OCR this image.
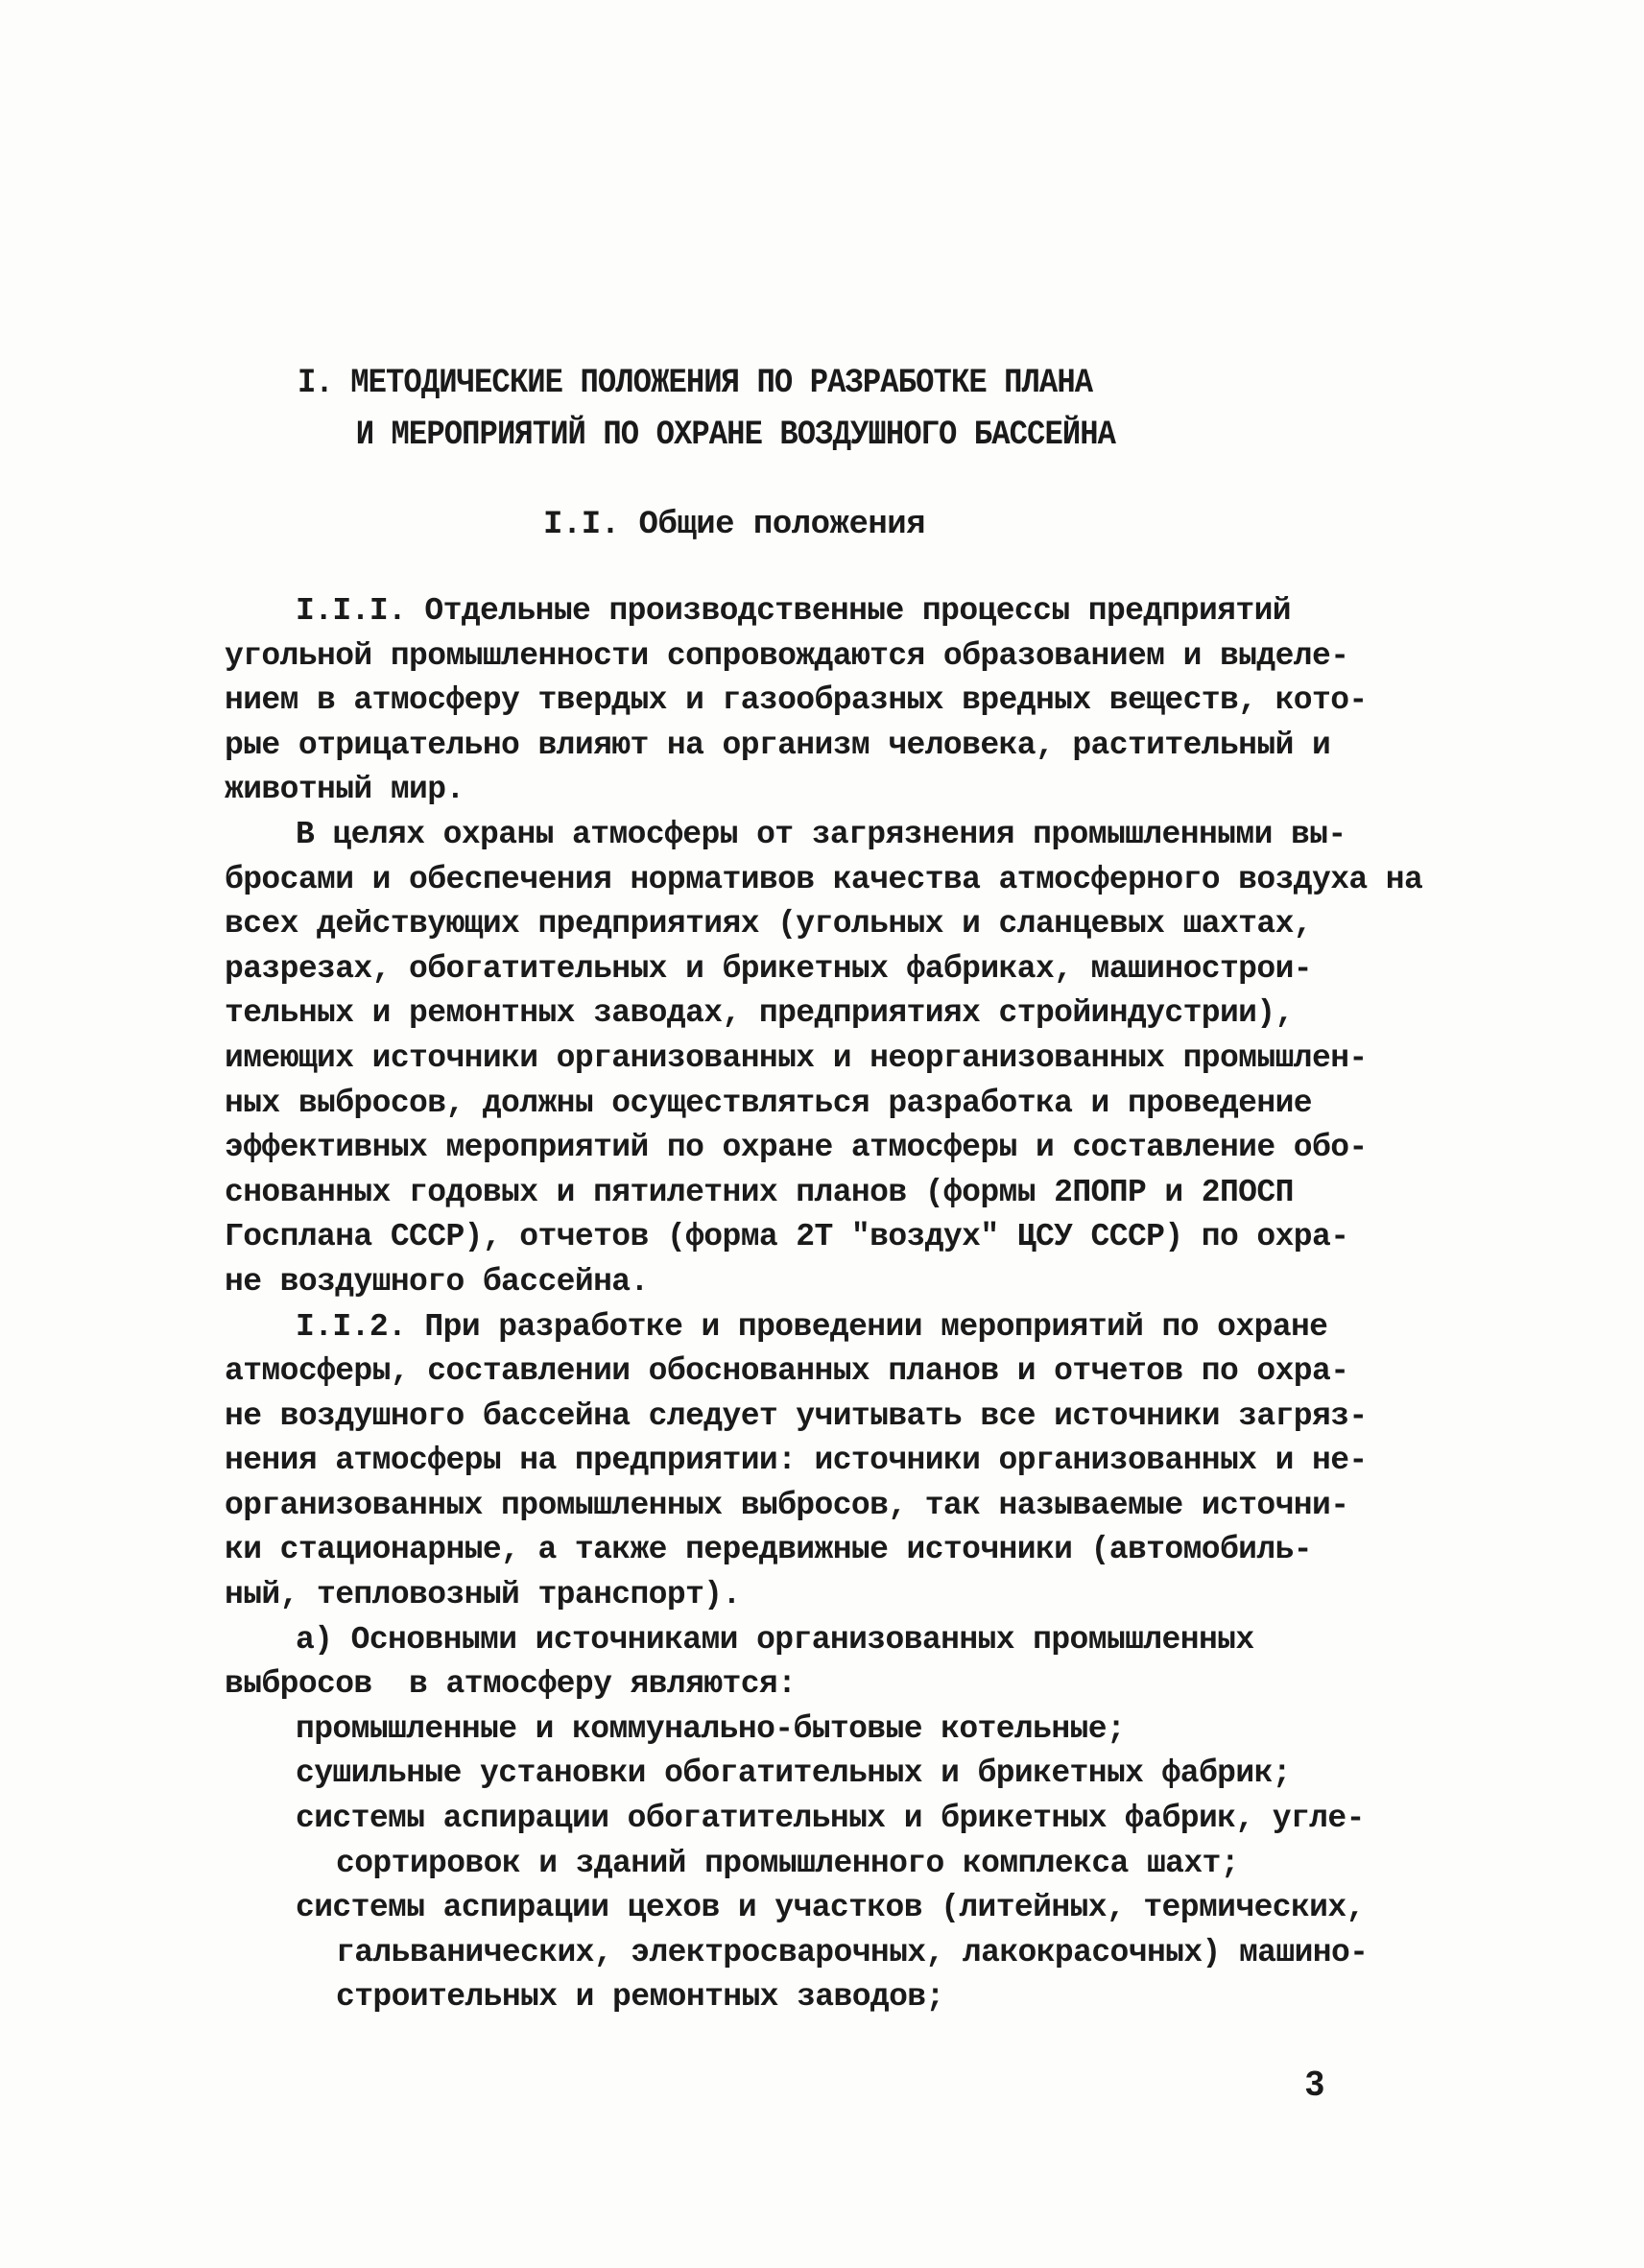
I. МЕТОДИЧЕСКИЕ ПОЛОЖЕНИЯ ПО РАЗРАБОТКЕ ПЛАНА
И МЕРОПРИЯТИЙ ПО ОХРАНЕ ВОЗДУШНОГО БАССЕЙНА
I.I. Общие положения
I.I.I. Отдельные производственные процессы предприятий
угольной промышленности сопровождаются образованием и выделе-
нием в атмосферу твердых и газообразных вредных веществ, кото-
рые отрицательно влияют на организм человека, растительный и
животный мир.
В целях охраны атмосферы от загрязнения промышленными вы-
бросами и обеспечения нормативов качества атмосферного воздуха на
всех действующих предприятиях (угольных и сланцевых шахтах,
разрезах, обогатительных и брикетных фабриках, машинострои-
тельных и ремонтных заводах, предприятиях стройиндустрии),
имеющих источники организованных и неорганизованных промышлен-
ных выбросов, должны осуществляться разработка и проведение
эффективных мероприятий по охране атмосферы и составление обо-
снованных годовых и пятилетних планов (формы 2ПОПР и 2ПОСП
Госплана СССР), отчетов (форма 2Т "воздух" ЦСУ СССР) по охра-
не воздушного бассейна.
I.I.2. При разработке и проведении мероприятий по охране
атмосферы, составлении обоснованных планов и отчетов по охра-
не воздушного бассейна следует учитывать все источники загряз-
нения атмосферы на предприятии: источники организованных и не-
организованных промышленных выбросов, так называемые источни-
ки стационарные, а также передвижные источники (автомобиль-
ный, тепловозный транспорт).
а) Основными источниками организованных промышленных
выбросов  в атмосферу являются:
промышленные и коммунально-бытовые котельные;
сушильные установки обогатительных и брикетных фабрик;
системы аспирации обогатительных и брикетных фабрик, угле-
сортировок и зданий промышленного комплекса шахт;
системы аспирации цехов и участков (литейных, термических,
гальванических, электросварочных, лакокрасочных) машино-
строительных и ремонтных заводов;
3
